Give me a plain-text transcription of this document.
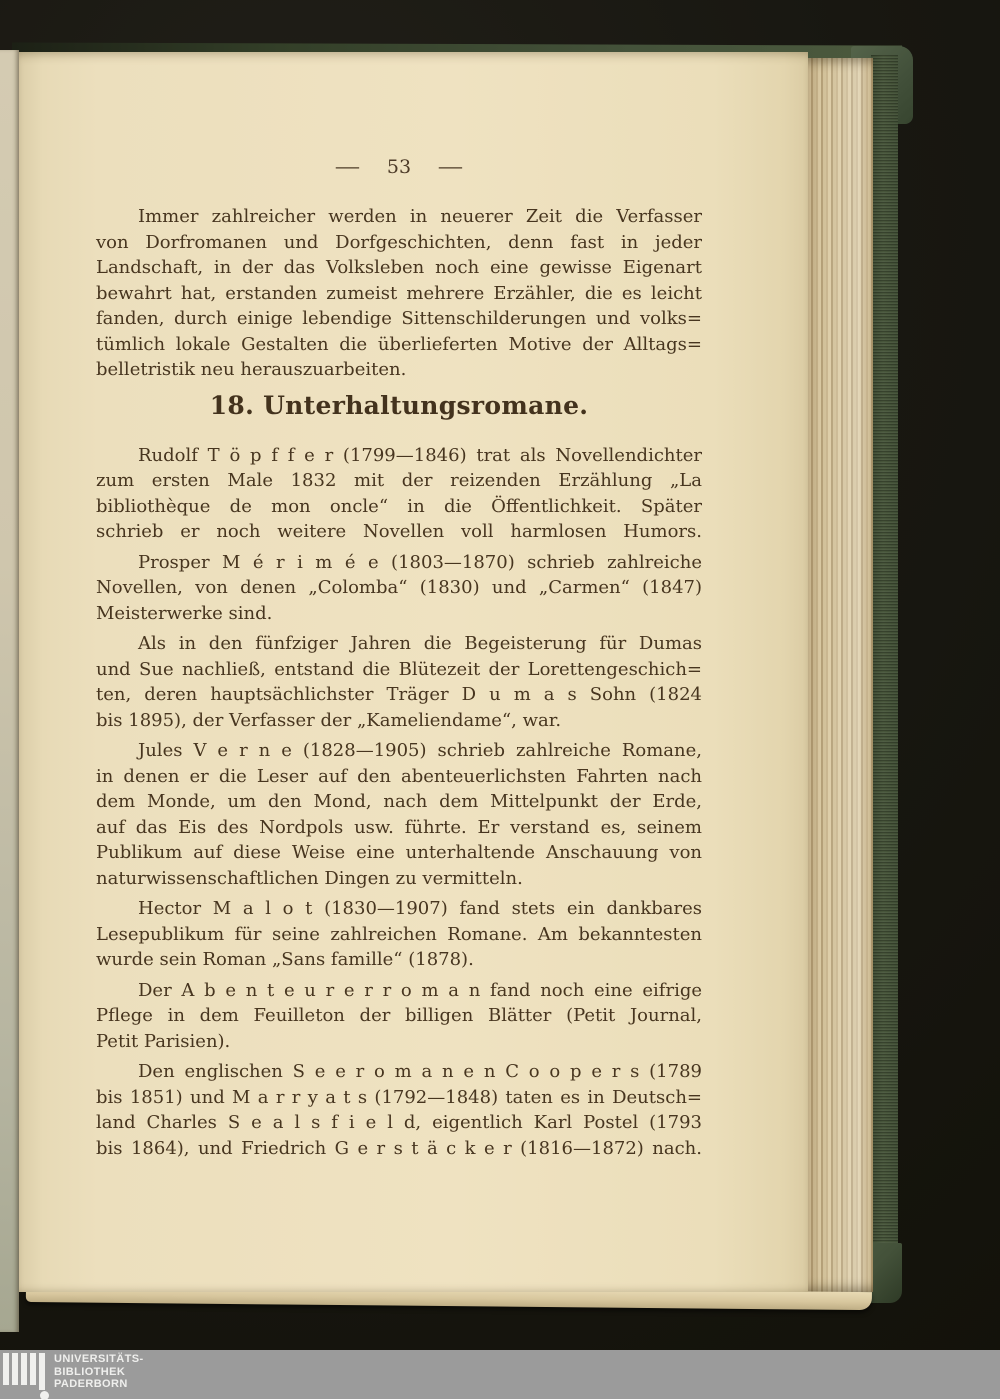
— 53 —
Immer zahlreicher werden in neuerer Zeit die Verfasser
von Dorfromanen und Dorfgeschichten, denn fast in jeder
Landschaft, in der das Volksleben noch eine gewisse Eigenart
bewahrt hat, erstanden zumeist mehrere Erzähler, die es leicht
fanden, durch einige lebendige Sittenschilderungen und volks=
tümlich lokale Gestalten die überlieferten Motive der Alltags=
belletristik neu herauszuarbeiten.
18. Unterhaltungsromane.
Rudolf T ö p f f e r (1799—1846) trat als Novellendichter
zum ersten Male 1832 mit der reizenden Erzählung „La
bibliothèque de mon oncle“ in die Öffentlichkeit. Später
schrieb er noch weitere Novellen voll harmlosen Humors.
Prosper M é r i m é e (1803—1870) schrieb zahlreiche
Novellen, von denen „Colomba“ (1830) und „Carmen“ (1847)
Meisterwerke sind.
Als in den fünfziger Jahren die Begeisterung für Dumas
und Sue nachließ, entstand die Blütezeit der Lorettengeschich=
ten, deren hauptsächlichster Träger D u m a s Sohn (1824
bis 1895), der Verfasser der „Kameliendame“, war.
Jules V e r n e (1828—1905) schrieb zahlreiche Romane,
in denen er die Leser auf den abenteuerlichsten Fahrten nach
dem Monde, um den Mond, nach dem Mittelpunkt der Erde,
auf das Eis des Nordpols usw. führte. Er verstand es, seinem
Publikum auf diese Weise eine unterhaltende Anschauung von
naturwissenschaftlichen Dingen zu vermitteln.
Hector M a l o t (1830—1907) fand stets ein dankbares
Lesepublikum für seine zahlreichen Romane. Am bekanntesten
wurde sein Roman „Sans famille“ (1878).
Der A b e n t e u r e r r o m a n fand noch eine eifrige
Pflege in dem Feuilleton der billigen Blätter (Petit Journal,
Petit Parisien).
Den englischen S e e r o m a n e n C o o p e r s (1789
bis 1851) und M a r r y a t s (1792—1848) taten es in Deutsch=
land Charles S e a l s f i e l d, eigentlich Karl Postel (1793
bis 1864), und Friedrich G e r s t ä c k e r (1816—1872) nach.
UNIVERSITÄTS-
BIBLIOTHEK
PADERBORN
